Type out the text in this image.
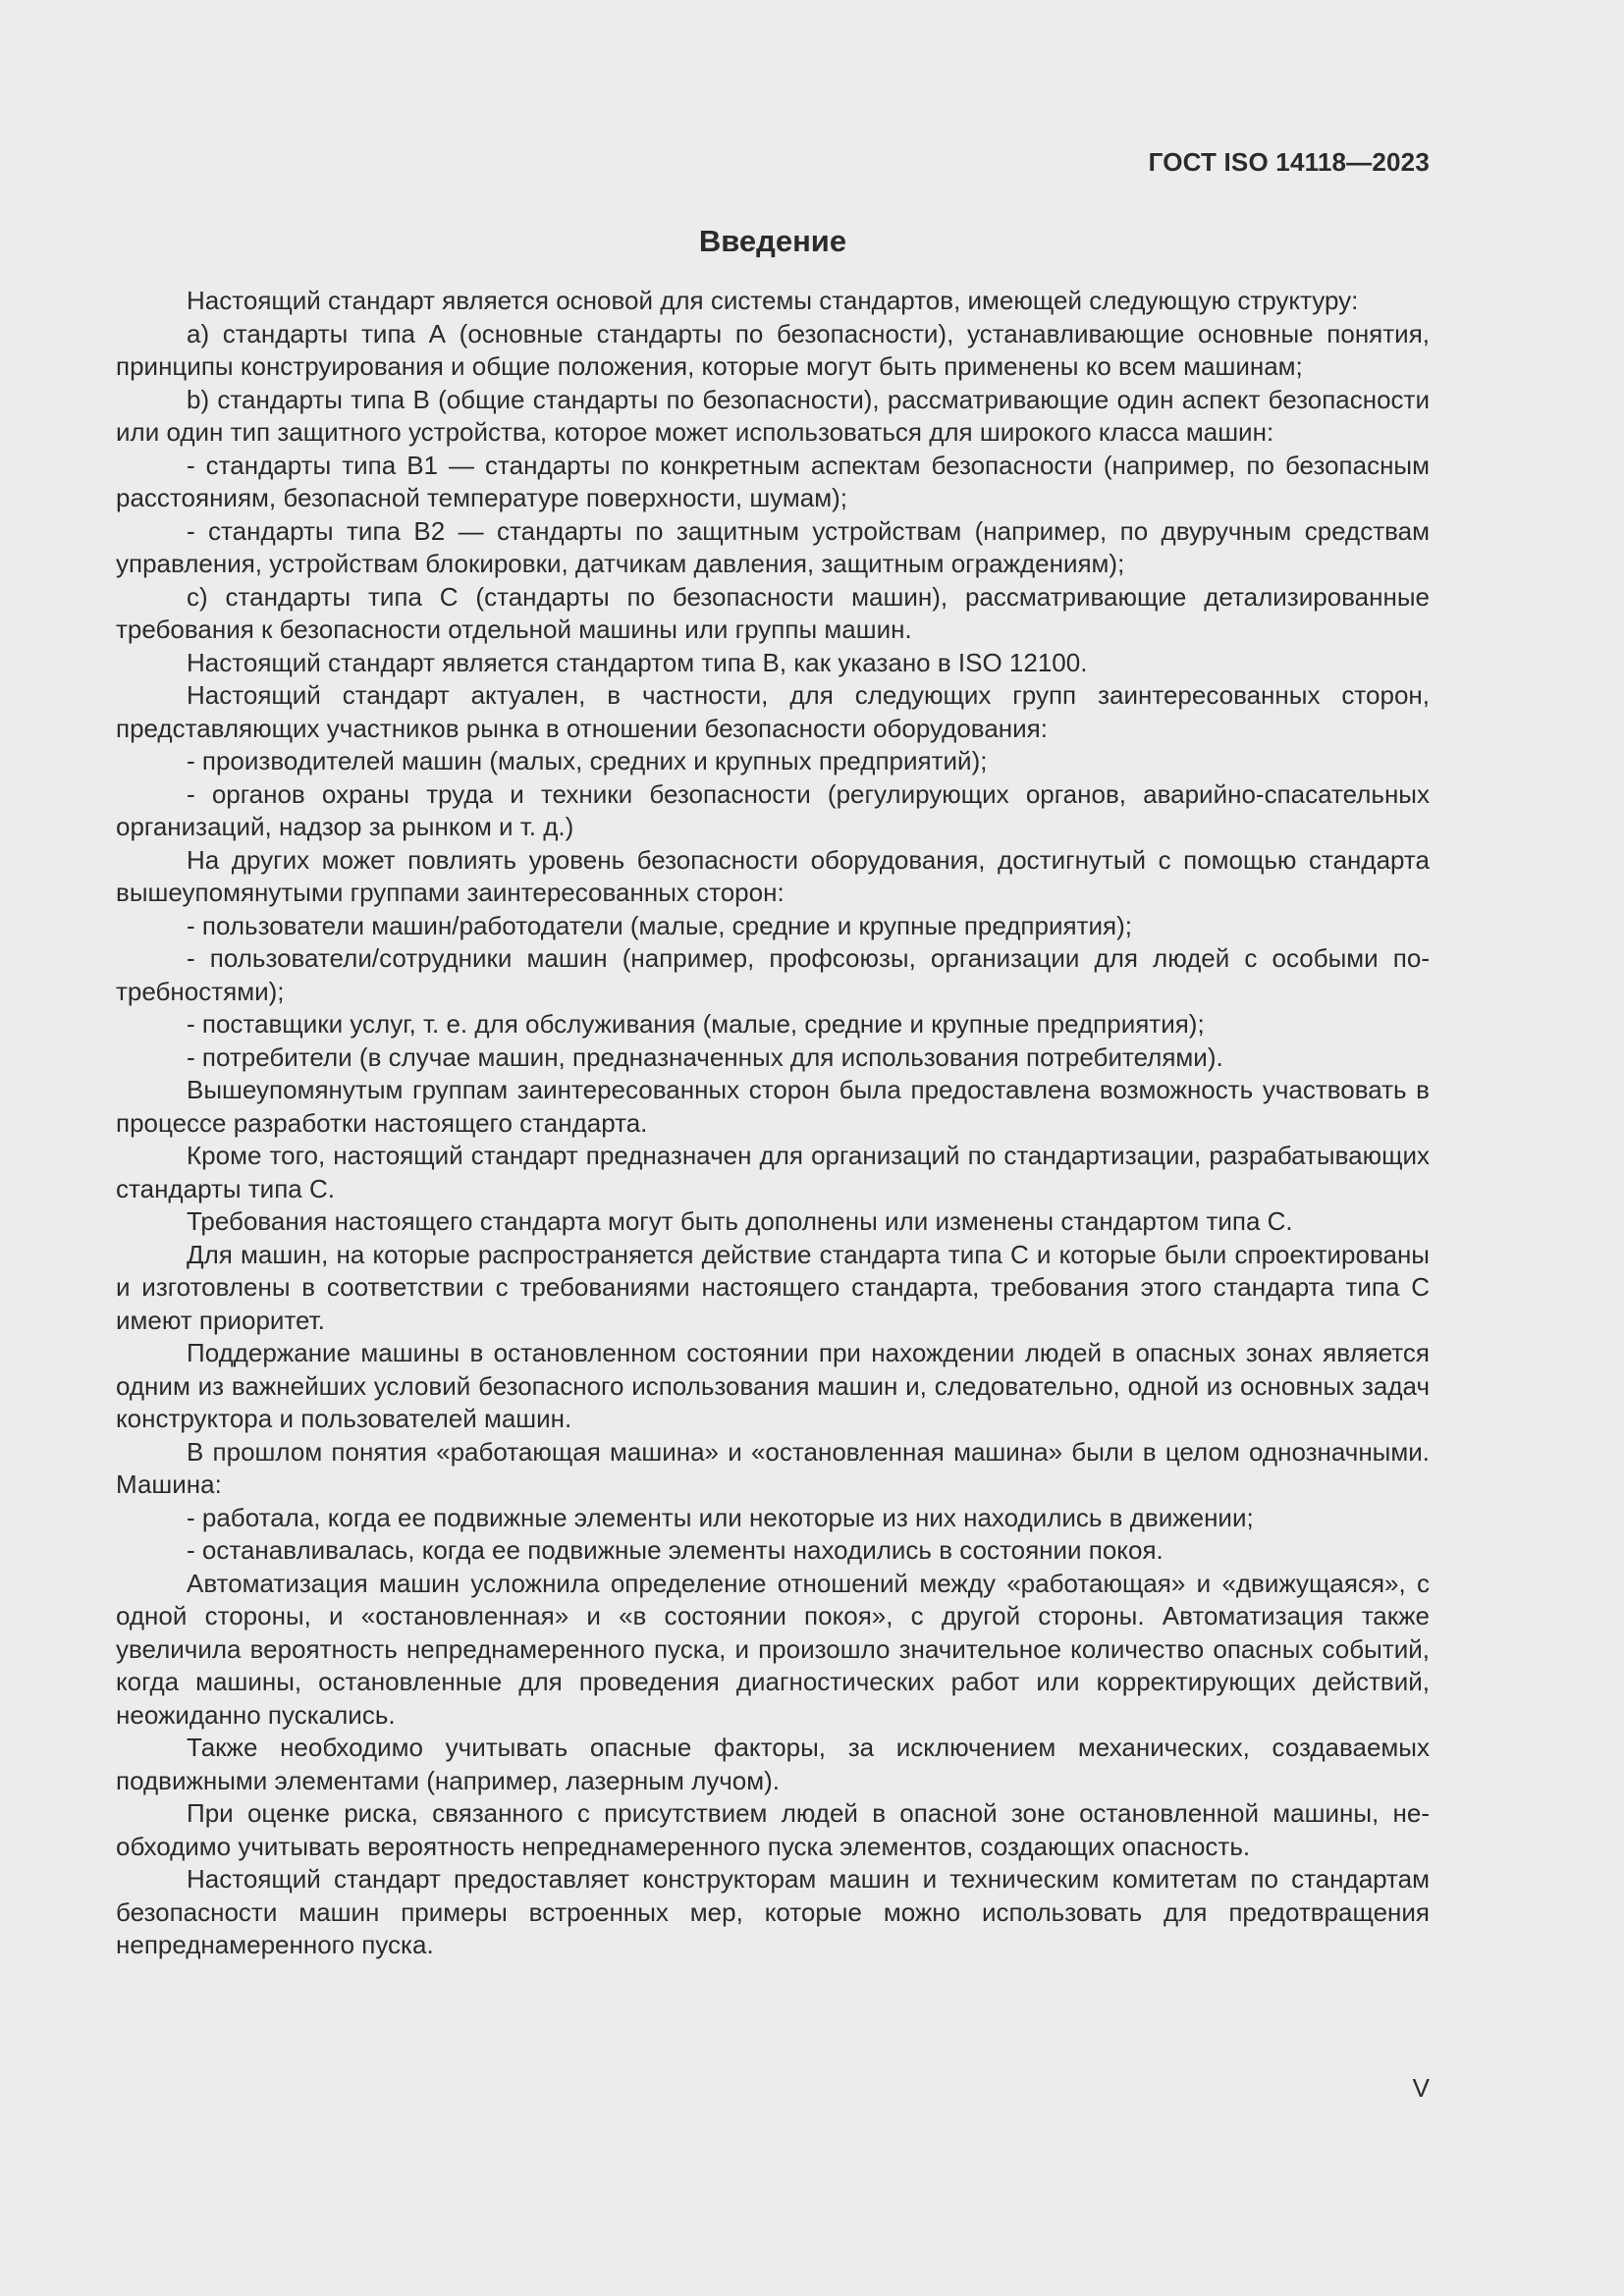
ГОСТ ISO 14118—2023
Введение

Настоящий стандарт является основой для системы стандартов, имеющей следующую структуру:

a) стандарты типа А (основные стандарты по безопасности), устанавливающие основные понятия, принципы конструирования и общие положения, которые могут быть применены ко всем машинам;

b) стандарты типа В (общие стандарты по безопасности), рассматривающие один аспект безопасности или один тип защитного устройства, которое может использоваться для широкого класса машин:

- стандарты типа В1 — стандарты по конкретным аспектам безопасности (например, по безопасным расстояниям, безопасной температуре поверхности, шумам);

- стандарты типа В2 — стандарты по защитным устройствам (например, по двуручным средствам управления, устройствам блокировки, датчикам давления, защитным ограждениям);

c) стандарты типа С (стандарты по безопасности машин), рассматривающие детализированные требования к безопасности отдельной машины или группы машин.

Настоящий стандарт является стандартом типа В, как указано в ISO 12100.

Настоящий стандарт актуален, в частности, для следующих групп заинтересованных сторон, представляющих участников рынка в отношении безопасности оборудования:

- производителей машин (малых, средних и крупных предприятий);

- органов охраны труда и техники безопасности (регулирующих органов, аварийно-спасательных организаций, надзор за рынком и т. д.)

На других может повлиять уровень безопасности оборудования, достигнутый с помощью стандарта вышеупомянутыми группами заинтересованных сторон:

- пользователи машин/работодатели (малые, средние и крупные предприятия);

- пользователи/сотрудники машин (например, профсоюзы, организации для людей с особыми потребностями);

- поставщики услуг, т. е. для обслуживания (малые, средние и крупные предприятия);

- потребители (в случае машин, предназначенных для использования потребителями).

Вышеупомянутым группам заинтересованных сторон была предоставлена возможность участвовать в процессе разработки настоящего стандарта.

Кроме того, настоящий стандарт предназначен для организаций по стандартизации, разрабатывающих стандарты типа С.

Требования настоящего стандарта могут быть дополнены или изменены стандартом типа С.

Для машин, на которые распространяется действие стандарта типа С и которые были спроектированы и изготовлены в соответствии с требованиями настоящего стандарта, требования этого стандарта типа С имеют приоритет.

Поддержание машины в остановленном состоянии при нахождении людей в опасных зонах является одним из важнейших условий безопасного использования машин и, следовательно, одной из основных задач конструктора и пользователей машин.

В прошлом понятия «работающая машина» и «остановленная машина» были в целом однозначными. Машина:

- работала, когда ее подвижные элементы или некоторые из них находились в движении;

- останавливалась, когда ее подвижные элементы находились в состоянии покоя.

Автоматизация машин усложнила определение отношений между «работающая» и «движущаяся», с одной стороны, и «остановленная» и «в состоянии покоя», с другой стороны. Автоматизация также увеличила вероятность непреднамеренного пуска, и произошло значительное количество опасных событий, когда машины, остановленные для проведения диагностических работ или корректирующих действий, неожиданно пускались.

Также необходимо учитывать опасные факторы, за исключением механических, создаваемых подвижными элементами (например, лазерным лучом).

При оценке риска, связанного с присутствием людей в опасной зоне остановленной машины, необходимо учитывать вероятность непреднамеренного пуска элементов, создающих опасность.

Настоящий стандарт предоставляет конструкторам машин и техническим комитетам по стандартам безопасности машин примеры встроенных мер, которые можно использовать для предотвращения непреднамеренного пуска.

V
